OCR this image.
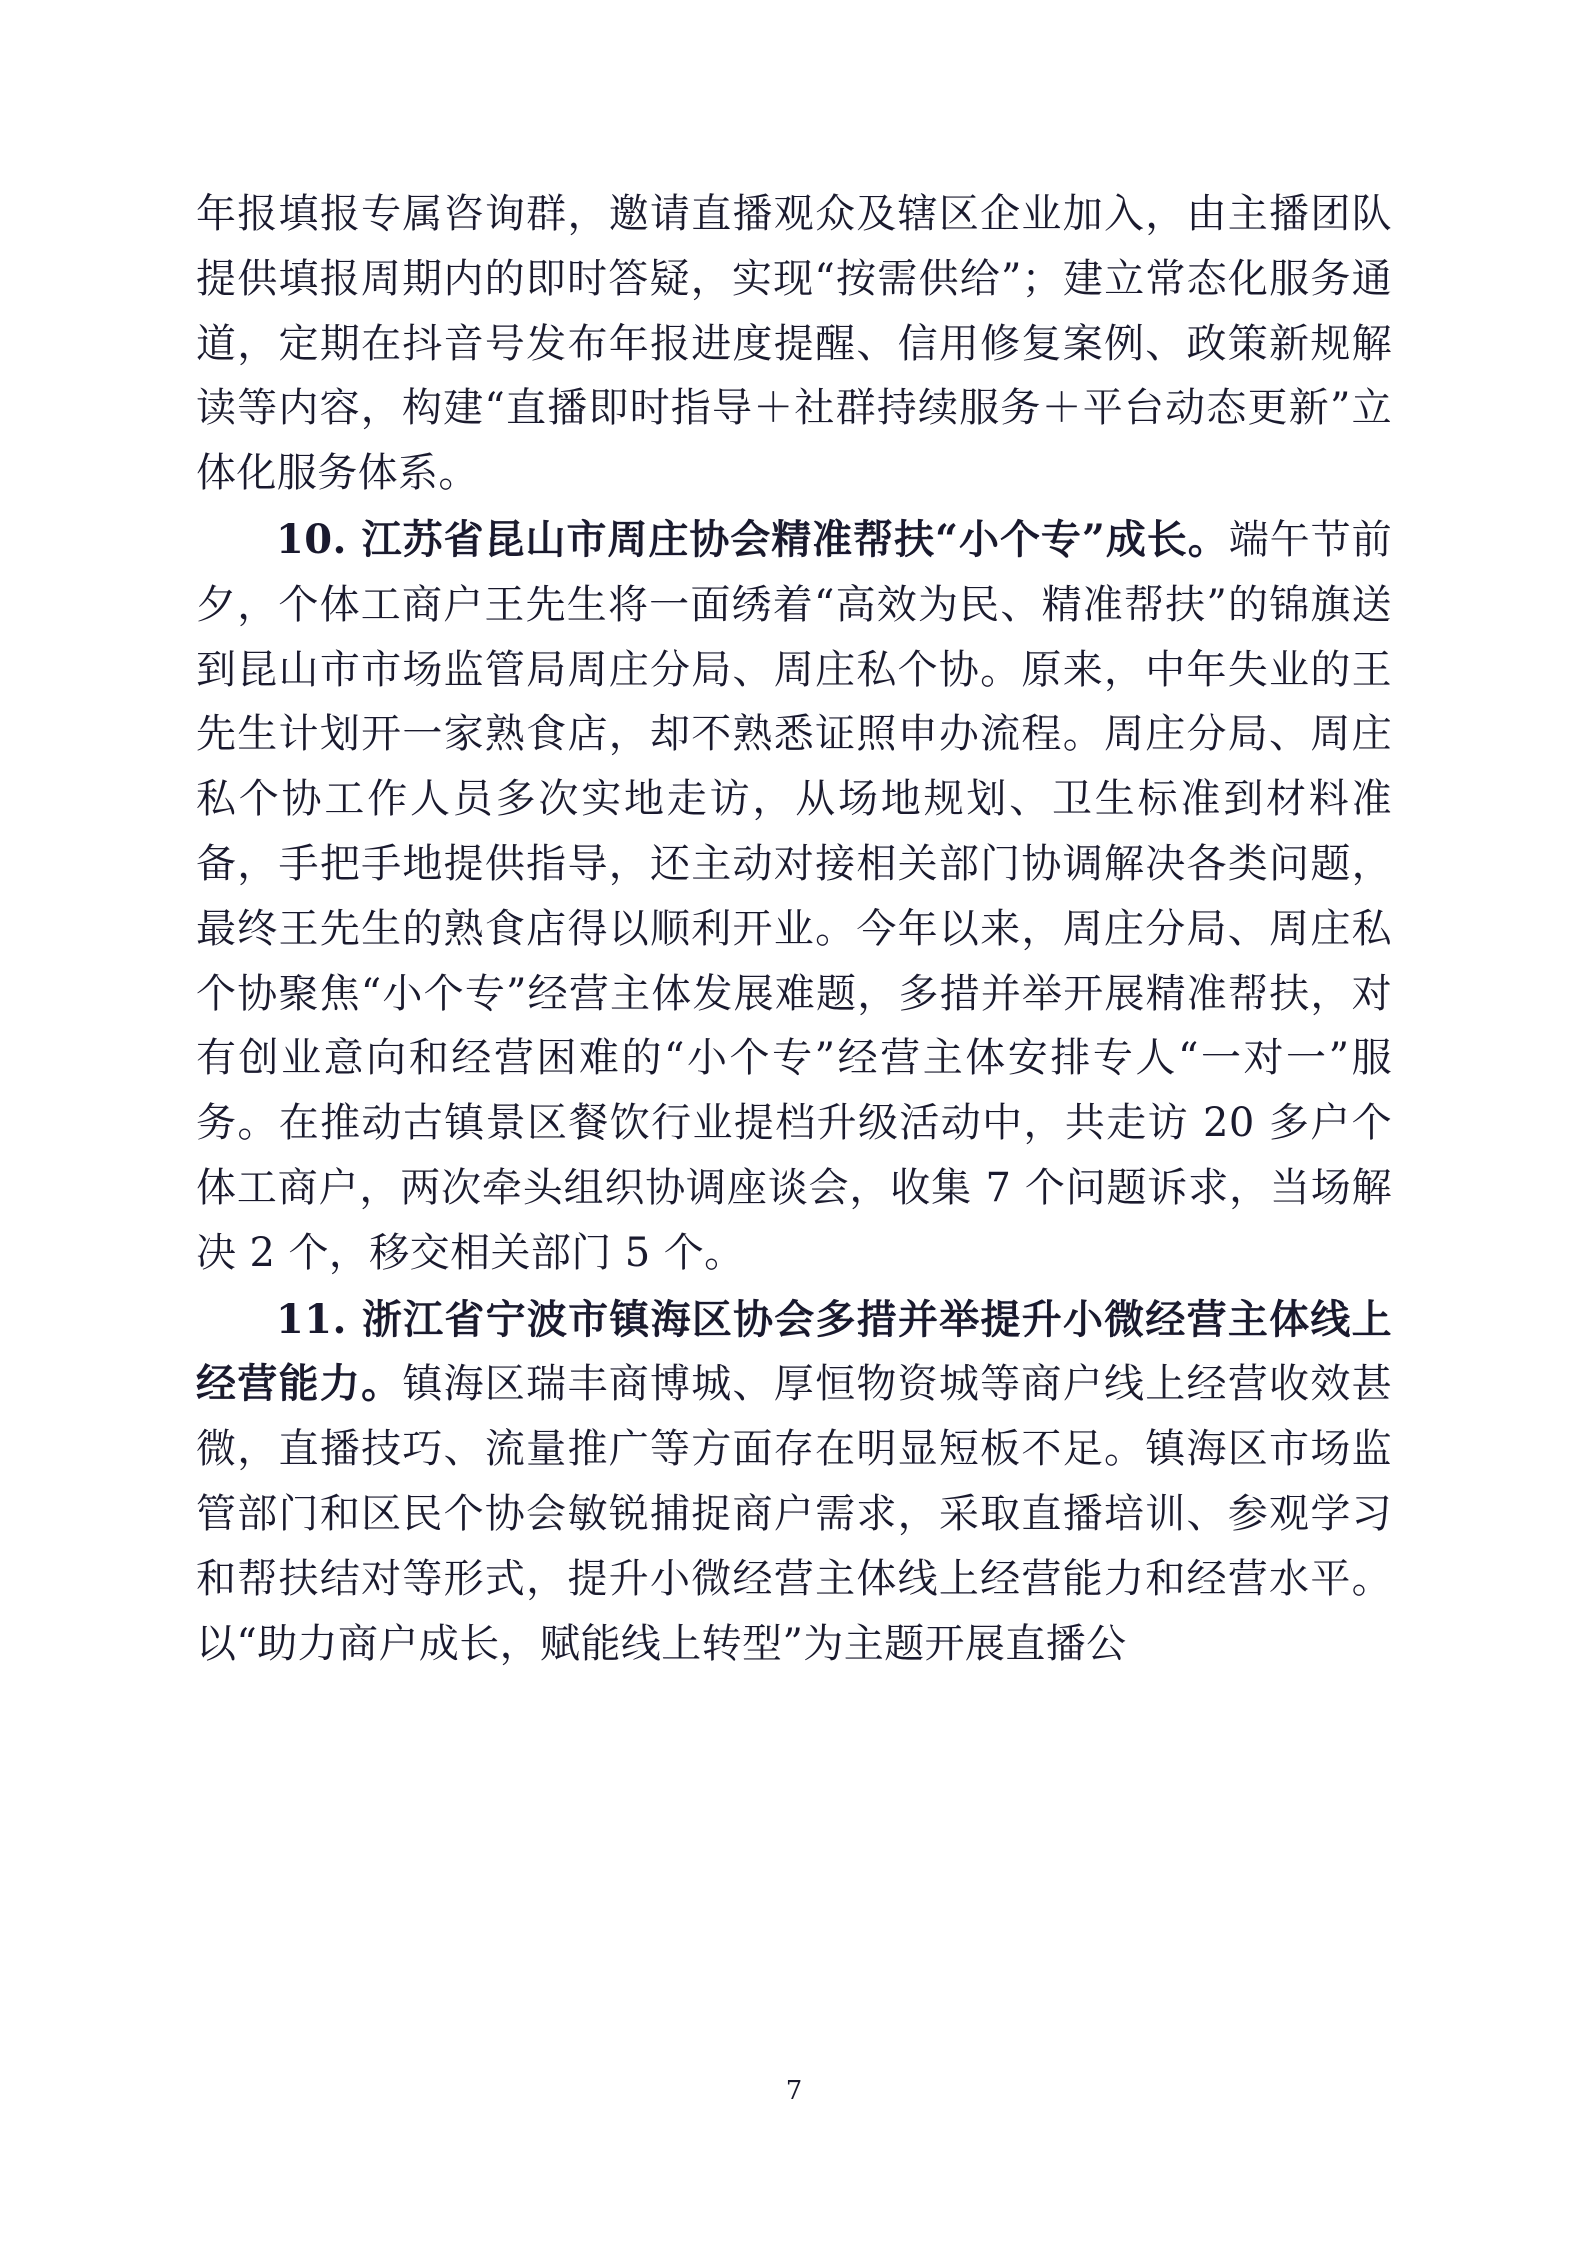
年报填报专属咨询群，邀请直播观众及辖区企业加入，由主播团队提供填报周期内的即时答疑，实现“按需供给”；建立常态化服务通道，定期在抖音号发布年报进度提醒、信用修复案例、政策新规解读等内容，构建“直播即时指导＋社群持续服务＋平台动态更新”立体化服务体系。

10. 江苏省昆山市周庄协会精准帮扶“小个专”成长。端午节前夕，个体工商户王先生将一面绣着“高效为民、精准帮扶”的锦旗送到昆山市市场监管局周庄分局、周庄私个协。原来，中年失业的王先生计划开一家熟食店，却不熟悉证照申办流程。周庄分局、周庄私个协工作人员多次实地走访，从场地规划、卫生标准到材料准备，手把手地提供指导，还主动对接相关部门协调解决各类问题，最终王先生的熟食店得以顺利开业。今年以来，周庄分局、周庄私个协聚焦“小个专”经营主体发展难题，多措并举开展精准帮扶，对有创业意向和经营困难的“小个专”经营主体安排专人“一对一”服务。在推动古镇景区餐饮行业提档升级活动中，共走访 20 多户个体工商户，两次牵头组织协调座谈会，收集 7 个问题诉求，当场解决 2 个，移交相关部门 5 个。

11. 浙江省宁波市镇海区协会多措并举提升小微经营主体线上经营能力。镇海区瑞丰商博城、厚恒物资城等商户线上经营收效甚微，直播技巧、流量推广等方面存在明显短板不足。镇海区市场监管部门和区民个协会敏锐捕捉商户需求，采取直播培训、参观学习和帮扶结对等形式，提升小微经营主体线上经营能力和经营水平。以“助力商户成长，赋能线上转型”为主题开展直播公

7
